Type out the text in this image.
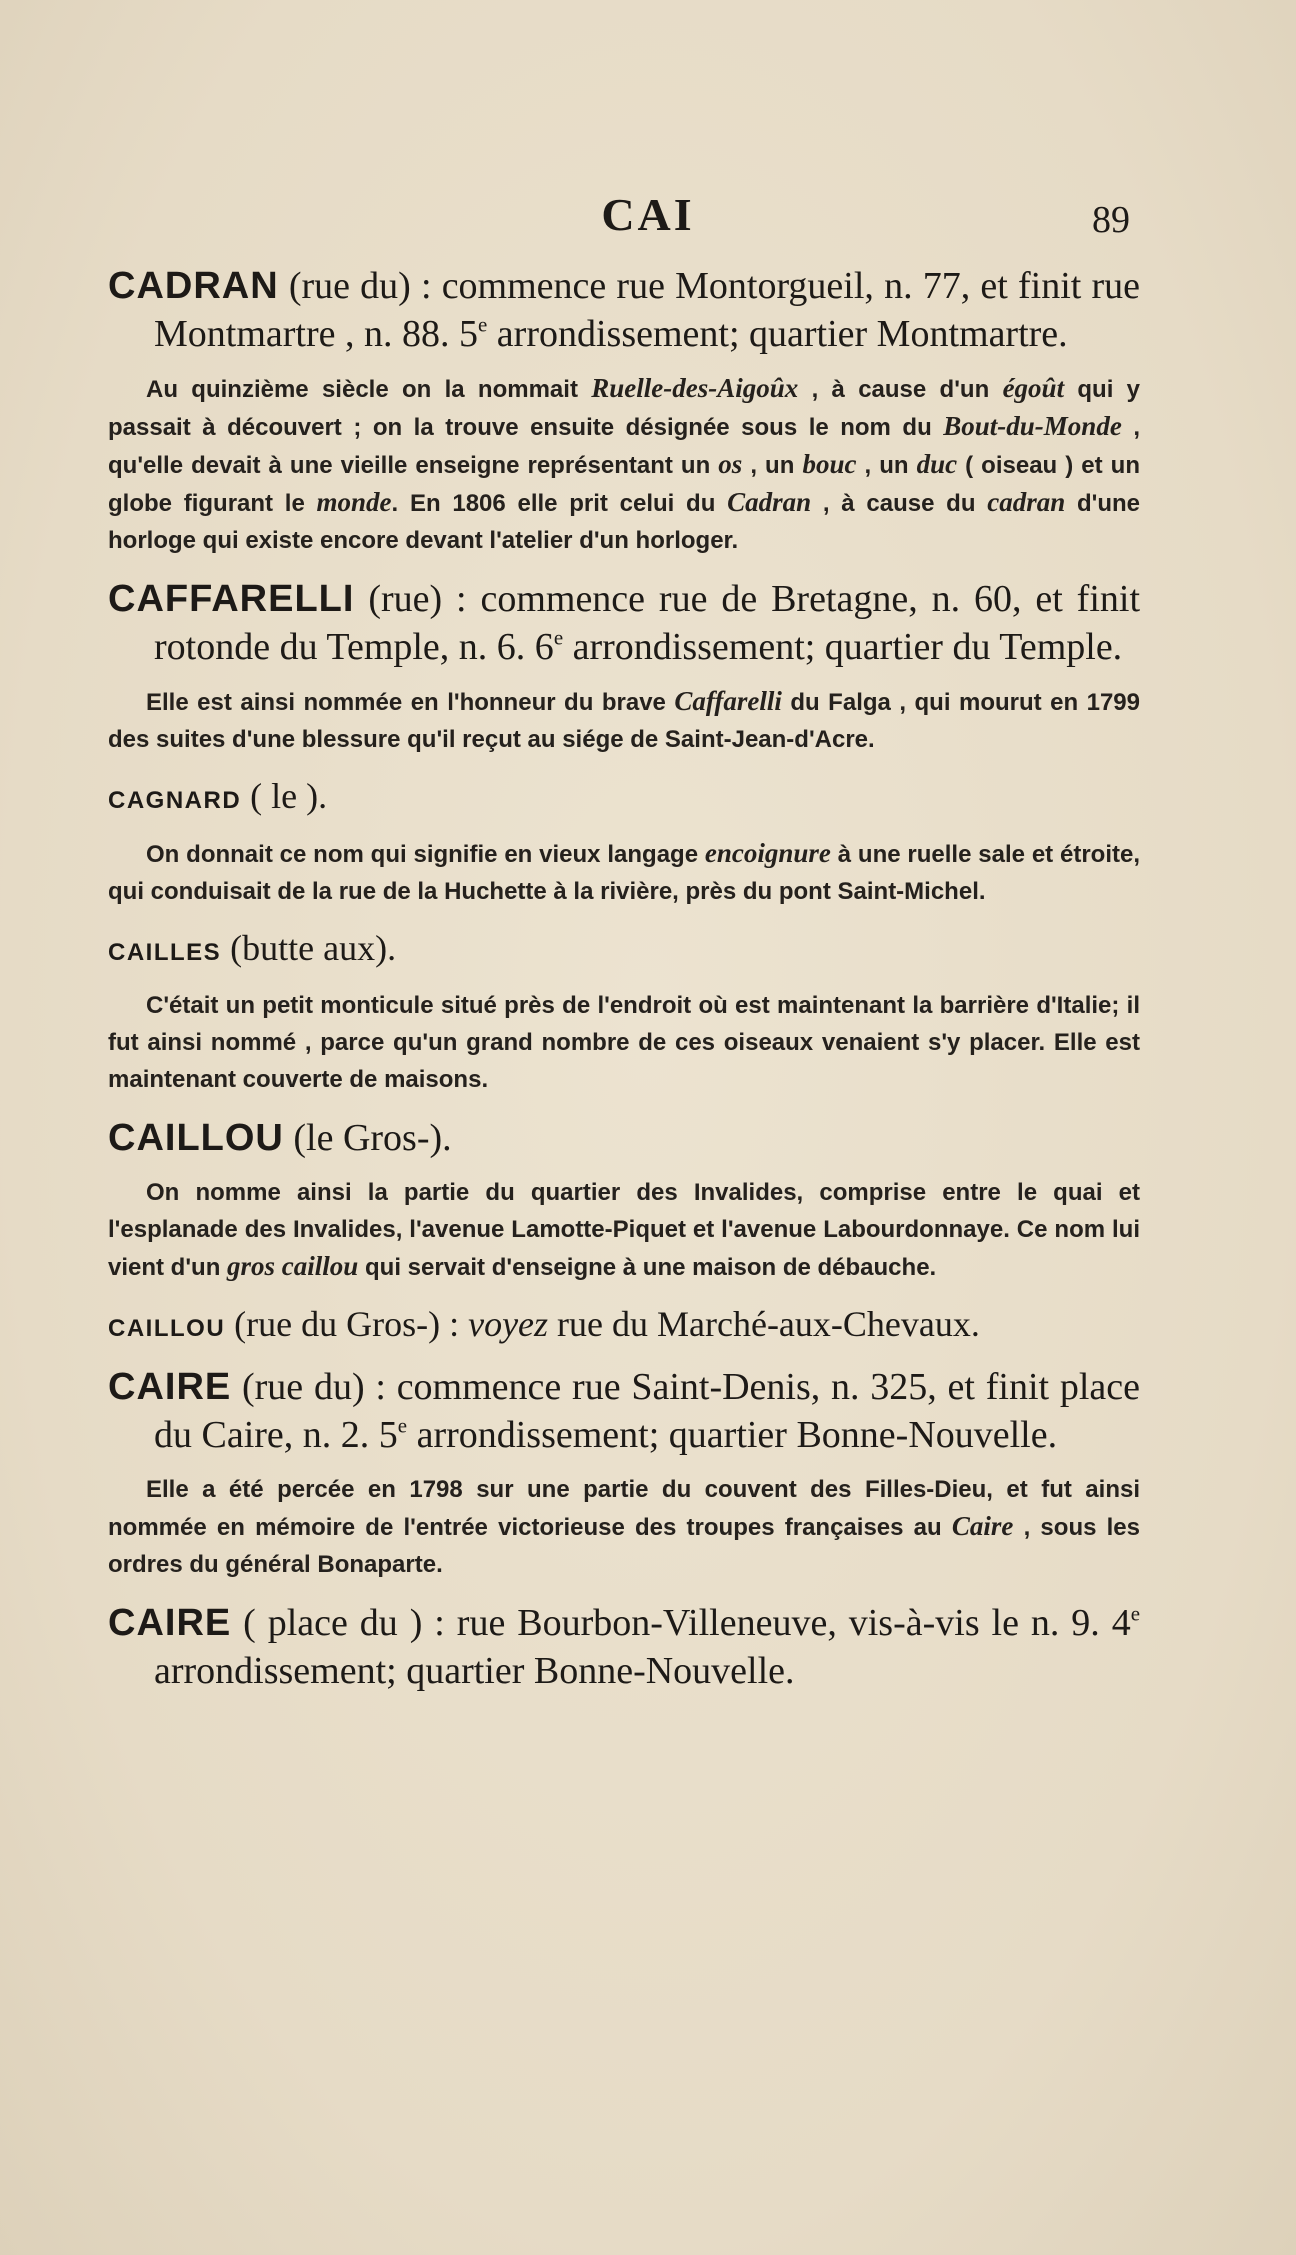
CAI	89

CADRAN (rue du) : commence rue Montorgueil, n. 77, et finit rue Montmartre , n. 88. 5e arrondissement; quartier Montmartre.

Au quinzième siècle on la nommait Ruelle-des-Aigoûx , à cause d'un égoût qui y passait à découvert ; on la trouve ensuite désignée sous le nom du Bout-du-Monde , qu'elle devait à une vieille enseigne représentant un os , un bouc , un duc ( oiseau ) et un globe figurant le monde. En 1806 elle prit celui du Cadran , à cause du cadran d'une horloge qui existe encore devant l'atelier d'un horloger.

CAFFARELLI (rue) : commence rue de Bretagne, n. 60, et finit rotonde du Temple, n. 6. 6e arrondissement; quartier du Temple.

Elle est ainsi nommée en l'honneur du brave Caffarelli du Falga , qui mourut en 1799 des suites d'une blessure qu'il reçut au siége de Saint-Jean-d'Acre.

CAGNARD ( le ).

On donnait ce nom qui signifie en vieux langage encoignure à une ruelle sale et étroite, qui conduisait de la rue de la Huchette à la rivière, près du pont Saint-Michel.

CAILLES (butte aux).

C'était un petit monticule situé près de l'endroit où est maintenant la barrière d'Italie; il fut ainsi nommé , parce qu'un grand nombre de ces oiseaux venaient s'y placer. Elle est maintenant couverte de maisons.

CAILLOU (le Gros-).

On nomme ainsi la partie du quartier des Invalides, comprise entre le quai et l'esplanade des Invalides, l'avenue Lamotte-Piquet et l'avenue Labourdonnaye. Ce nom lui vient d'un gros caillou qui servait d'enseigne à une maison de débauche.

CAILLOU (rue du Gros-) : voyez rue du Marché-aux-Chevaux.

CAIRE (rue du) : commence rue Saint-Denis, n. 325, et finit place du Caire, n. 2. 5e arrondissement; quartier Bonne-Nouvelle.

Elle a été percée en 1798 sur une partie du couvent des Filles-Dieu, et fut ainsi nommée en mémoire de l'entrée victorieuse des troupes françaises au Caire , sous les ordres du général Bonaparte.

CAIRE ( place du ) : rue Bourbon-Villeneuve, vis-à-vis le n. 9. 4e arrondissement; quartier Bonne-Nouvelle.
